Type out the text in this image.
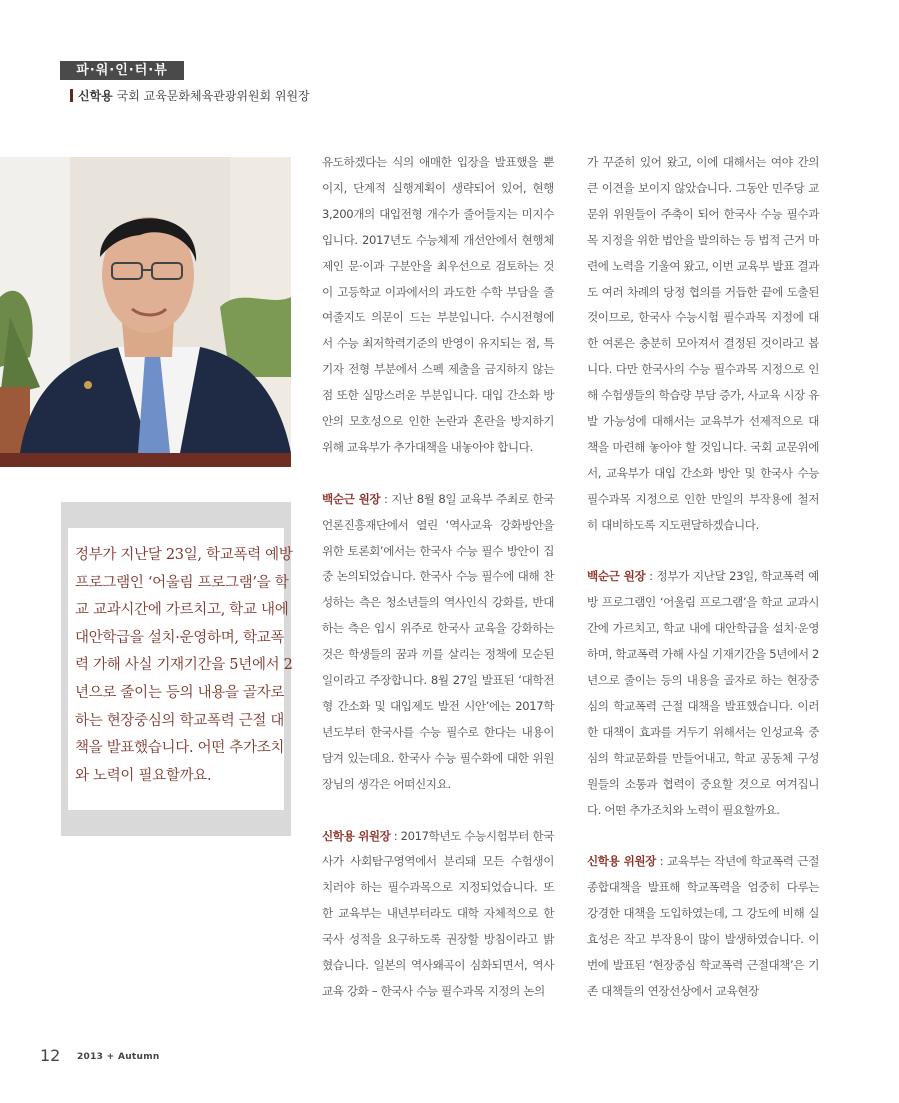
파·워·인·터·뷰
신학용 국회 교육문화체육관광위원회 위원장

정부가 지난달 23일, 학교폭력 예방 프로그램인 ‘어울림 프로그램’을 학교 교과시간에 가르치고, 학교 내에 대안학급을 설치·운영하며, 학교폭력 가해 사실 기재기간을 5년에서 2년으로 줄이는 등의 내용을 골자로 하는 현장중심의 학교폭력 근절 대책을 발표했습니다. 어떤 추가조치와 노력이 필요할까요.

유도하겠다는 식의 애매한 입장을 발표했을 뿐이지, 단계적 실행계획이 생략되어 있어, 현행 3,200개의 대입전형 개수가 줄어들지는 미지수입니다. 2017년도 수능체제 개선안에서 현행체제인 문·이과 구분안을 최우선으로 검토하는 것이 고등학교 이과에서의 과도한 수학 부담을 줄여줄지도 의문이 드는 부분입니다. 수시전형에서 수능 최저학력기준의 반영이 유지되는 점, 특기자 전형 부분에서 스펙 제출을 금지하지 않는 점 또한 실망스러운 부분입니다. 대입 간소화 방안의 모호성으로 인한 논란과 혼란을 방지하기 위해 교육부가 추가대책을 내놓아야 합니다.

백순근 원장 : 지난 8월 8일 교육부 주최로 한국언론진흥재단에서 열린 ‘역사교육 강화방안을 위한 토론회’에서는 한국사 수능 필수 방안이 집중 논의되었습니다. 한국사 수능 필수에 대해 찬성하는 측은 청소년들의 역사인식 강화를, 반대하는 측은 입시 위주로 한국사 교육을 강화하는 것은 학생들의 꿈과 끼를 살리는 정책에 모순된 일이라고 주장합니다. 8월 27일 발표된 ‘대학전형 간소화 및 대입제도 발전 시안’에는 2017학년도부터 한국사를 수능 필수로 한다는 내용이 담겨 있는데요. 한국사 수능 필수화에 대한 위원장님의 생각은 어떠신지요.

신학용 위원장 : 2017학년도 수능시험부터 한국사가 사회탐구영역에서 분리돼 모든 수험생이 치러야 하는 필수과목으로 지정되었습니다. 또한 교육부는 내년부터라도 대학 자체적으로 한국사 성적을 요구하도록 권장할 방침이라고 밝혔습니다. 일본의 역사왜곡이 심화되면서, 역사교육 강화 – 한국사 수능 필수과목 지정의 논의

가 꾸준히 있어 왔고, 이에 대해서는 여야 간의 큰 이견을 보이지 않았습니다. 그동안 민주당 교문위 위원들이 주축이 되어 한국사 수능 필수과목 지정을 위한 법안을 발의하는 등 법적 근거 마련에 노력을 기울여 왔고, 이번 교육부 발표 결과도 여러 차례의 당정 협의를 거듭한 끝에 도출된 것이므로, 한국사 수능시험 필수과목 지정에 대한 여론은 충분히 모아져서 결정된 것이라고 봅니다. 다만 한국사의 수능 필수과목 지정으로 인해 수험생들의 학습량 부담 증가, 사교육 시장 유발 가능성에 대해서는 교육부가 선제적으로 대책을 마련해 놓아야 할 것입니다. 국회 교문위에서, 교육부가 대입 간소화 방안 및 한국사 수능 필수과목 지정으로 인한 만일의 부작용에 철저히 대비하도록 지도편달하겠습니다.

백순근 원장 : 정부가 지난달 23일, 학교폭력 예방 프로그램인 ‘어울림 프로그램’을 학교 교과시간에 가르치고, 학교 내에 대안학급을 설치·운영하며, 학교폭력 가해 사실 기재기간을 5년에서 2년으로 줄이는 등의 내용을 골자로 하는 현장중심의 학교폭력 근절 대책을 발표했습니다. 이러한 대책이 효과를 거두기 위해서는 인성교육 중심의 학교문화를 만들어내고, 학교 공동체 구성원들의 소통과 협력이 중요할 것으로 여겨집니다. 어떤 추가조치와 노력이 필요할까요.

신학용 위원장 : 교육부는 작년에 학교폭력 근절 종합대책을 발표해 학교폭력을 엄중히 다루는 강경한 대책을 도입하였는데, 그 강도에 비해 실효성은 작고 부작용이 많이 발생하였습니다. 이번에 발표된 ‘현장중심 학교폭력 근절대책’은 기존 대책들의 연장선상에서 교육현장

12 2013 + Autumn
